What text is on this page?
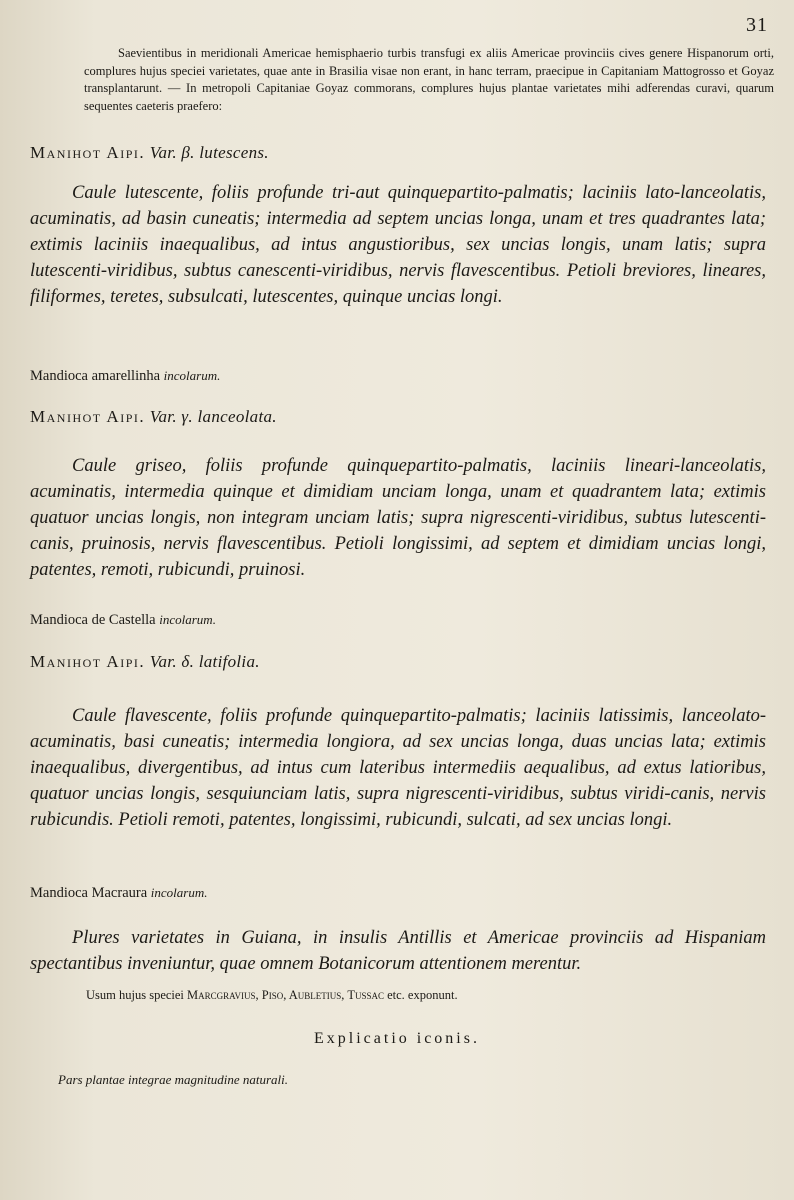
31

Saevientibus in meridionali Americae hemisphaerio turbis transfugi ex aliis Americae provinciis cives genere Hispanorum orti, complures hujus speciei varietates, quae ante in Brasilia visae non erant, in hanc terram, praecipue in Capitaniam Mattogrosso et Goyaz transplantarunt. — In metropoli Capitaniae Goyaz commorans, complures hujus plantae varietates mihi adferendas curavi, quarum sequentes caeteris praefero:

Manihot Aipi. Var. β. lutescens.

Caule lutescente, foliis profunde tri-aut quinquepartito-palmatis; laciniis lato-lanceolatis, acuminatis, ad basin cuneatis; intermedia ad septem uncias longa, unam et tres quadrantes lata; extimis laciniis inaequalibus, ad intus angustioribus, sex uncias longis, unam latis; supra lutescenti-viridibus, subtus canescenti-viridibus, nervis flavescentibus. Petioli breviores, lineares, filiformes, teretes, subsulcati, lutescentes, quinque uncias longi.

Mandioca amarellinha incolarum.
Manihot Aipi. Var. γ. lanceolata.

Caule griseo, foliis profunde quinquepartito-palmatis, laciniis lineari-lanceolatis, acuminatis, intermedia quinque et dimidiam unciam longa, unam et quadrantem lata; extimis quatuor uncias longis, non integram unciam latis; supra nigrescenti-viridibus, subtus lutescenti-canis, pruinosis, nervis flavescentibus. Petioli longissimi, ad septem et dimidiam uncias longi, patentes, remoti, rubicundi, pruinosi.

Mandioca de Castella incolarum.
Manihot Aipi. Var. δ. latifolia.

Caule flavescente, foliis profunde quinquepartito-palmatis; laciniis latissimis, lanceolato-acuminatis, basi cuneatis; intermedia longiora, ad sex uncias longa, duas uncias lata; extimis inaequalibus, divergentibus, ad intus cum lateribus intermediis aequalibus, ad extus latioribus, quatuor uncias longis, sesquiunciam latis, supra nigrescenti-viridibus, subtus viridi-canis, nervis rubicundis. Petioli remoti, patentes, longissimi, rubicundi, sulcati, ad sex uncias longi.

Mandioca Macraura incolarum.

Plures varietates in Guiana, in insulis Antillis et Americae provinciis ad Hispaniam spectantibus inveniuntur, quae omnem Botanicorum attentionem merentur.

Usum hujus speciei Marcgravius, Piso, Aubletius, Tussac etc. exponunt.
Explicatio iconis.
Pars plantae integrae magnitudine naturali.
